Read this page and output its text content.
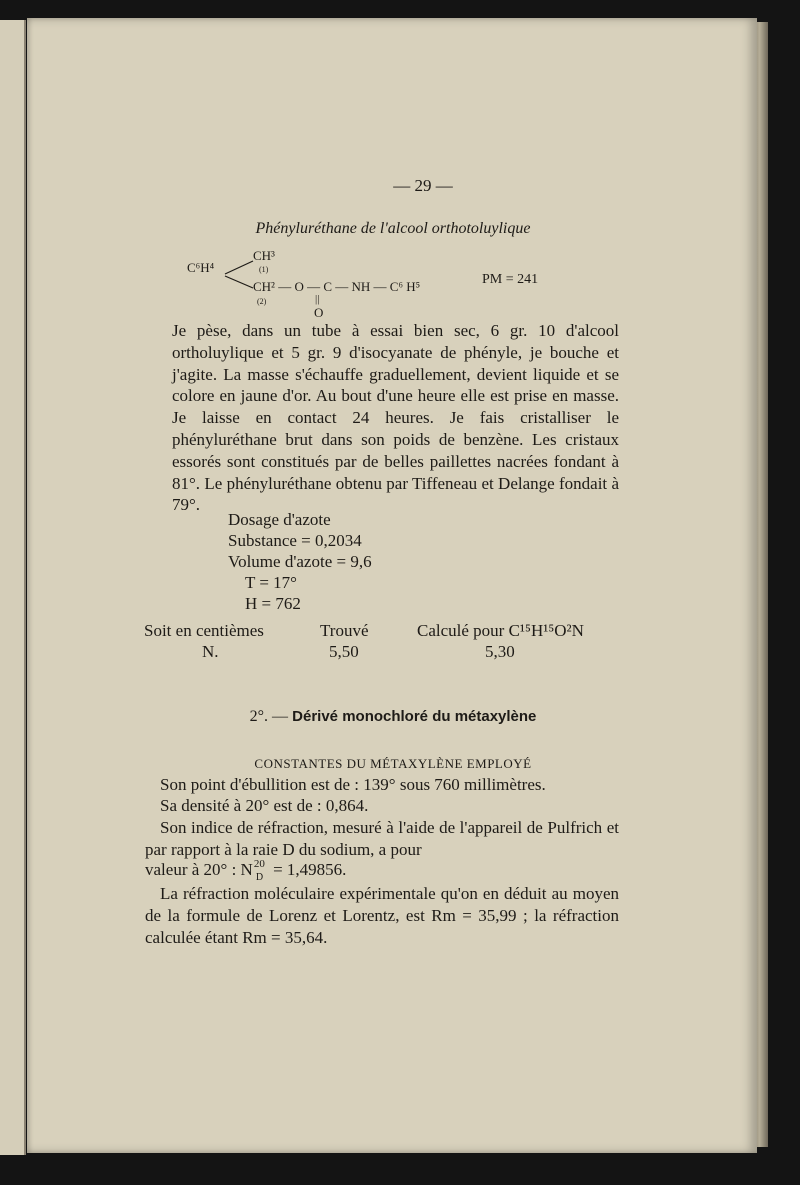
— 29 —
Phényluréthane de l'alcool orthotoluylique
C⁶H⁴
CH³
(1)
CH² — O — C — NH — C⁶ H⁵
(2)	||
O
PM = 241
Je pèse, dans un tube à essai bien sec, 6 gr. 10 d'alcool ortholuylique et 5 gr. 9 d'isocyanate de phényle, je bouche et j'agite. La masse s'échauffe graduellement, devient liquide et se colore en jaune d'or. Au bout d'une heure elle est prise en masse. Je laisse en contact 24 heures. Je fais cristalliser le phényluréthane brut dans son poids de benzène. Les cristaux essorés sont constitués par de belles paillettes nacrées fondant à 81°. Le phényluréthane obtenu par Tiffeneau et Delange fondait à 79°.
Dosage d'azote
Substance = 0,2034
Volume d'azote = 9,6
T = 17°
H = 762
Soit en centièmes	Trouvé	Calculé pour C¹⁵H¹⁵O²N
N.	5,50	5,30
2°. — Dérivé monochloré du métaxylène
CONSTANTES DU MÉTAXYLÈNE EMPLOYÉ
Son point d'ébullition est de : 139° sous 760 millimètres.
Sa densité à 20° est de : 0,864.
Son indice de réfraction, mesuré à l'aide de l'appareil de Pulfrich et par rapport à la raie D du sodium, a pour
valeur à 20° : N 20
D = 1,49856.
La réfraction moléculaire expérimentale qu'on en déduit au moyen de la formule de Lorenz et Lorentz, est Rm = 35,99 ; la réfraction calculée étant Rm = 35,64.
